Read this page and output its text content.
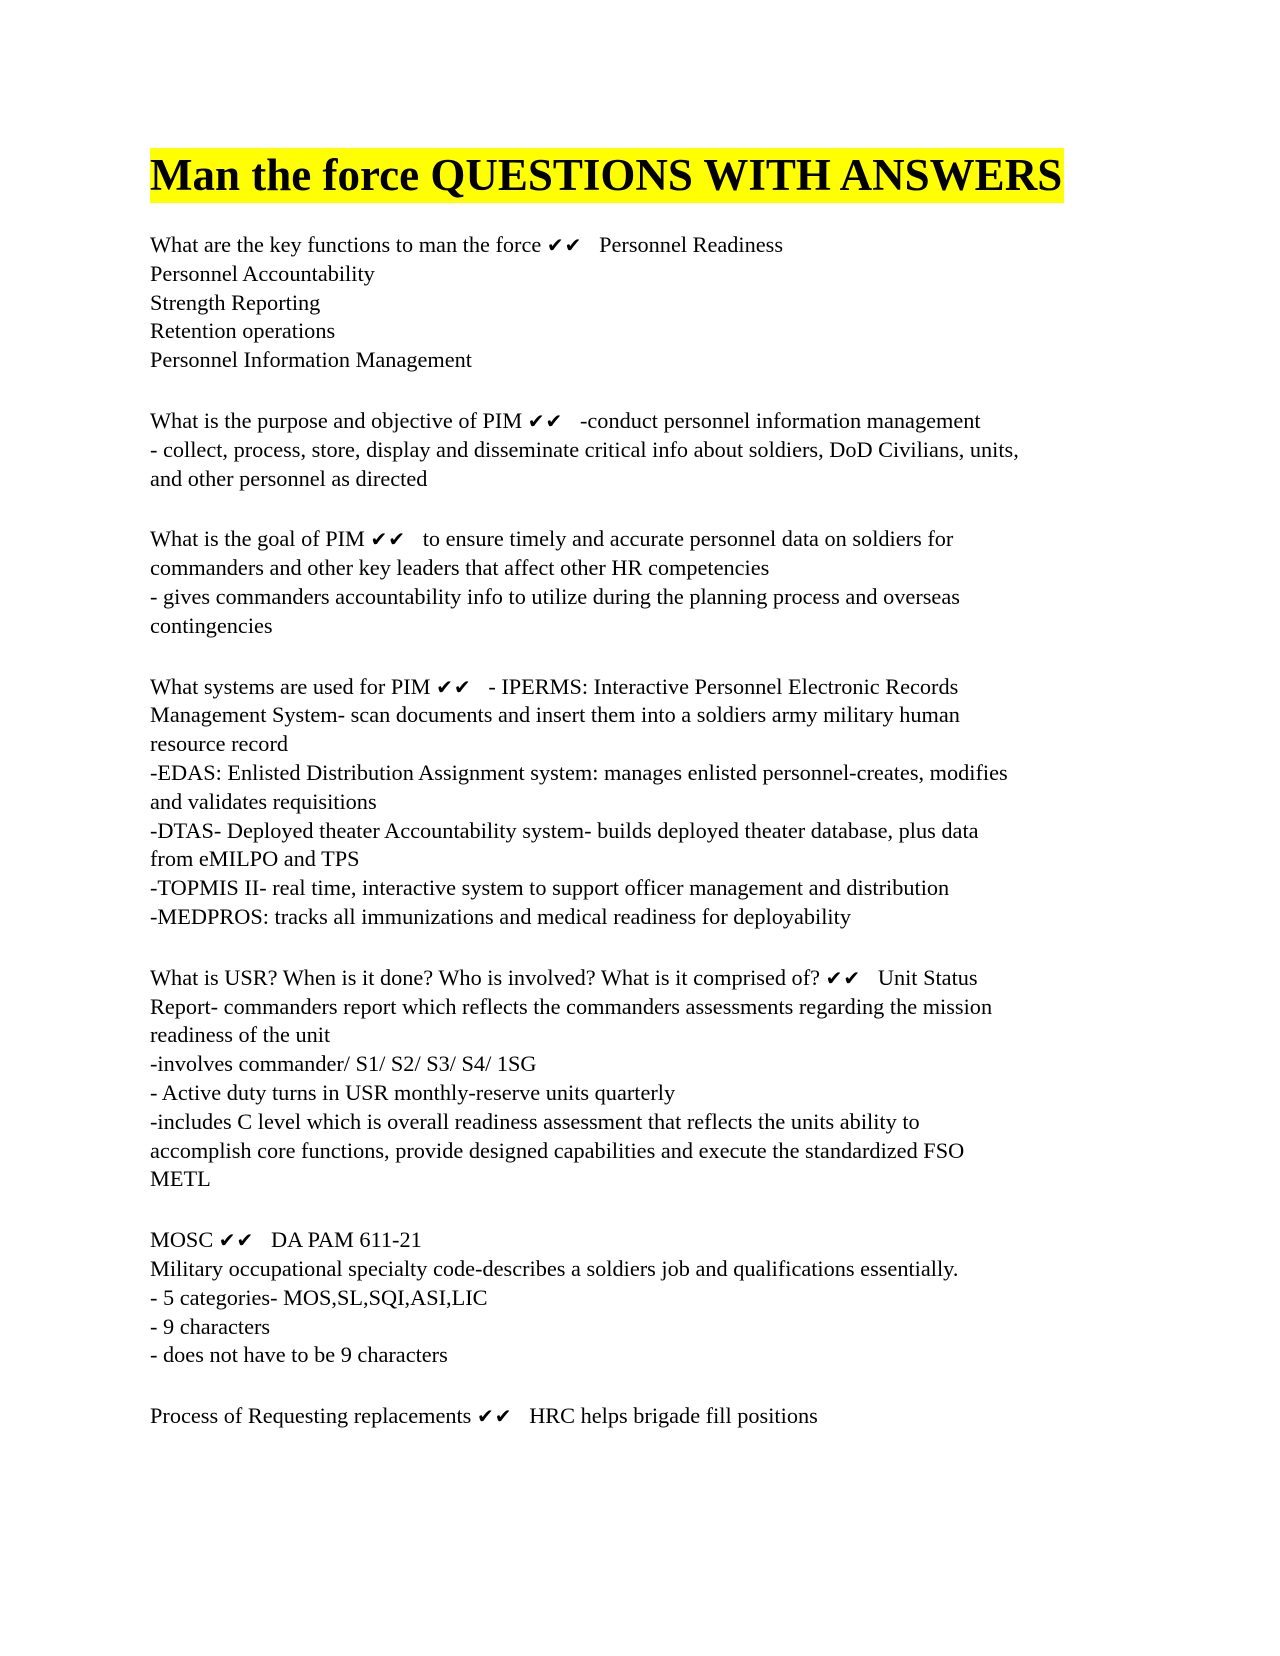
Man the force QUESTIONS WITH ANSWERS
What are the key functions to man the force ✔✔ Personnel Readiness
Personnel Accountability
Strength Reporting
Retention operations
Personnel Information Management
What is the purpose and objective of PIM ✔✔ -conduct personnel information management
- collect, process, store, display and disseminate critical info about soldiers, DoD Civilians, units,
and other personnel as directed
What is the goal of PIM ✔✔ to ensure timely and accurate personnel data on soldiers for
commanders and other key leaders that affect other HR competencies
- gives commanders accountability info to utilize during the planning process and overseas
contingencies
What systems are used for PIM ✔✔ - IPERMS: Interactive Personnel Electronic Records
Management System- scan documents and insert them into a soldiers army military human
resource record
-EDAS: Enlisted Distribution Assignment system: manages enlisted personnel-creates, modifies
and validates requisitions
-DTAS- Deployed theater Accountability system- builds deployed theater database, plus data
from eMILPO and TPS
-TOPMIS II- real time, interactive system to support officer management and distribution
-MEDPROS: tracks all immunizations and medical readiness for deployability
What is USR? When is it done? Who is involved? What is it comprised of? ✔✔ Unit Status
Report- commanders report which reflects the commanders assessments regarding the mission
readiness of the unit
-involves commander/ S1/ S2/ S3/ S4/ 1SG
- Active duty turns in USR monthly-reserve units quarterly
-includes C level which is overall readiness assessment that reflects the units ability to
accomplish core functions, provide designed capabilities and execute the standardized FSO
METL
MOSC ✔✔ DA PAM 611-21
Military occupational specialty code-describes a soldiers job and qualifications essentially.
- 5 categories- MOS,SL,SQI,ASI,LIC
- 9 characters
- does not have to be 9 characters
Process of Requesting replacements ✔✔ HRC helps brigade fill positions
